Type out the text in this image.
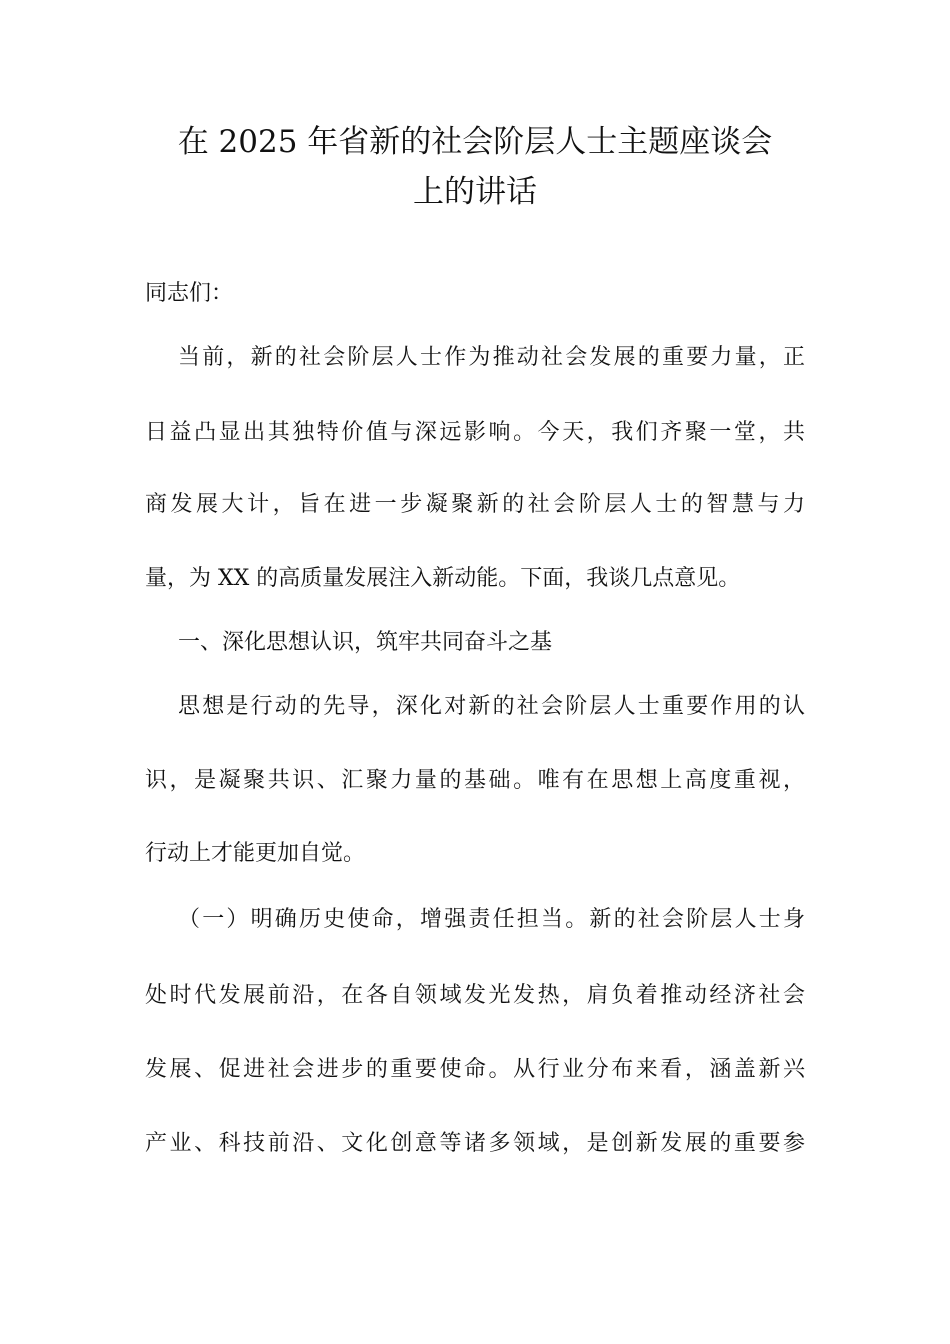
在 2025 年省新的社会阶层人士主题座谈会
上的讲话

同志们：

当前，新的社会阶层人士作为推动社会发展的重要力量，正

日益凸显出其独特价值与深远影响。今天，我们齐聚一堂，共

商发展大计，旨在进一步凝聚新的社会阶层人士的智慧与力

量，为 XX 的高质量发展注入新动能。下面，我谈几点意见。

一、深化思想认识，筑牢共同奋斗之基

思想是行动的先导，深化对新的社会阶层人士重要作用的认

识，是凝聚共识、汇聚力量的基础。唯有在思想上高度重视，

行动上才能更加自觉。

（一）明确历史使命，增强责任担当。新的社会阶层人士身

处时代发展前沿，在各自领域发光发热，肩负着推动经济社会

发展、促进社会进步的重要使命。从行业分布来看，涵盖新兴

产业、科技前沿、文化创意等诸多领域，是创新发展的重要参
